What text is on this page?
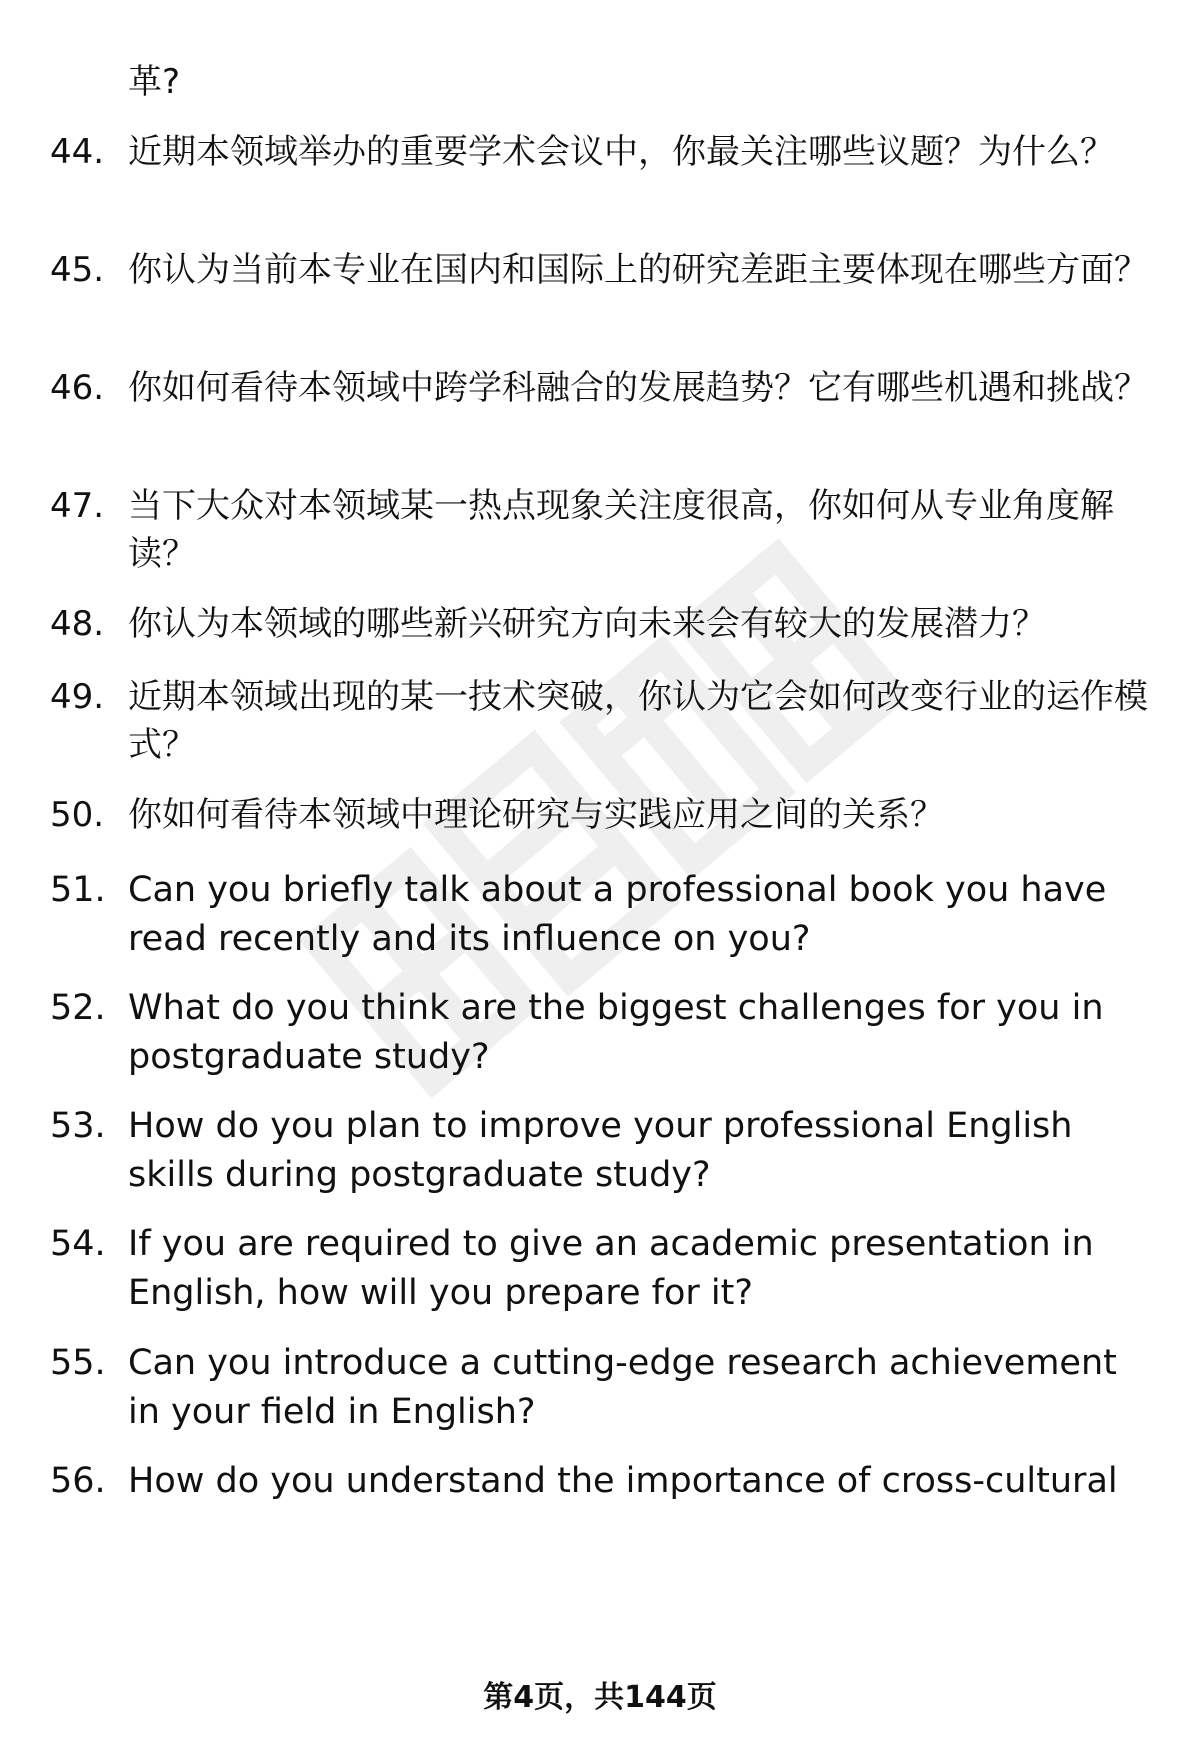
革?

44. 近期本领域举办的重要学术会议中，你最关注哪些议题？为什么？
45. 你认为当前本专业在国内和国际上的研究差距主要体现在哪些方面？
46. 你如何看待本领域中跨学科融合的发展趋势？它有哪些机遇和挑战？
47. 当下大众对本领域某一热点现象关注度很高，你如何从专业角度解读？
48. 你认为本领域的哪些新兴研究方向未来会有较大的发展潜力？
49. 近期本领域出现的某一技术突破，你认为它会如何改变行业的运作模式？
50. 你如何看待本领域中理论研究与实践应用之间的关系？
51. Can you briefly talk about a professional book you have read recently and its influence on you?
52. What do you think are the biggest challenges for you in postgraduate study?
53. How do you plan to improve your professional English skills during postgraduate study?
54. If you are required to give an academic presentation in English, how will you prepare for it?
55. Can you introduce a cutting-edge research achievement in your field in English?
56. How do you understand the importance of cross-cultural
第4页，共144页
